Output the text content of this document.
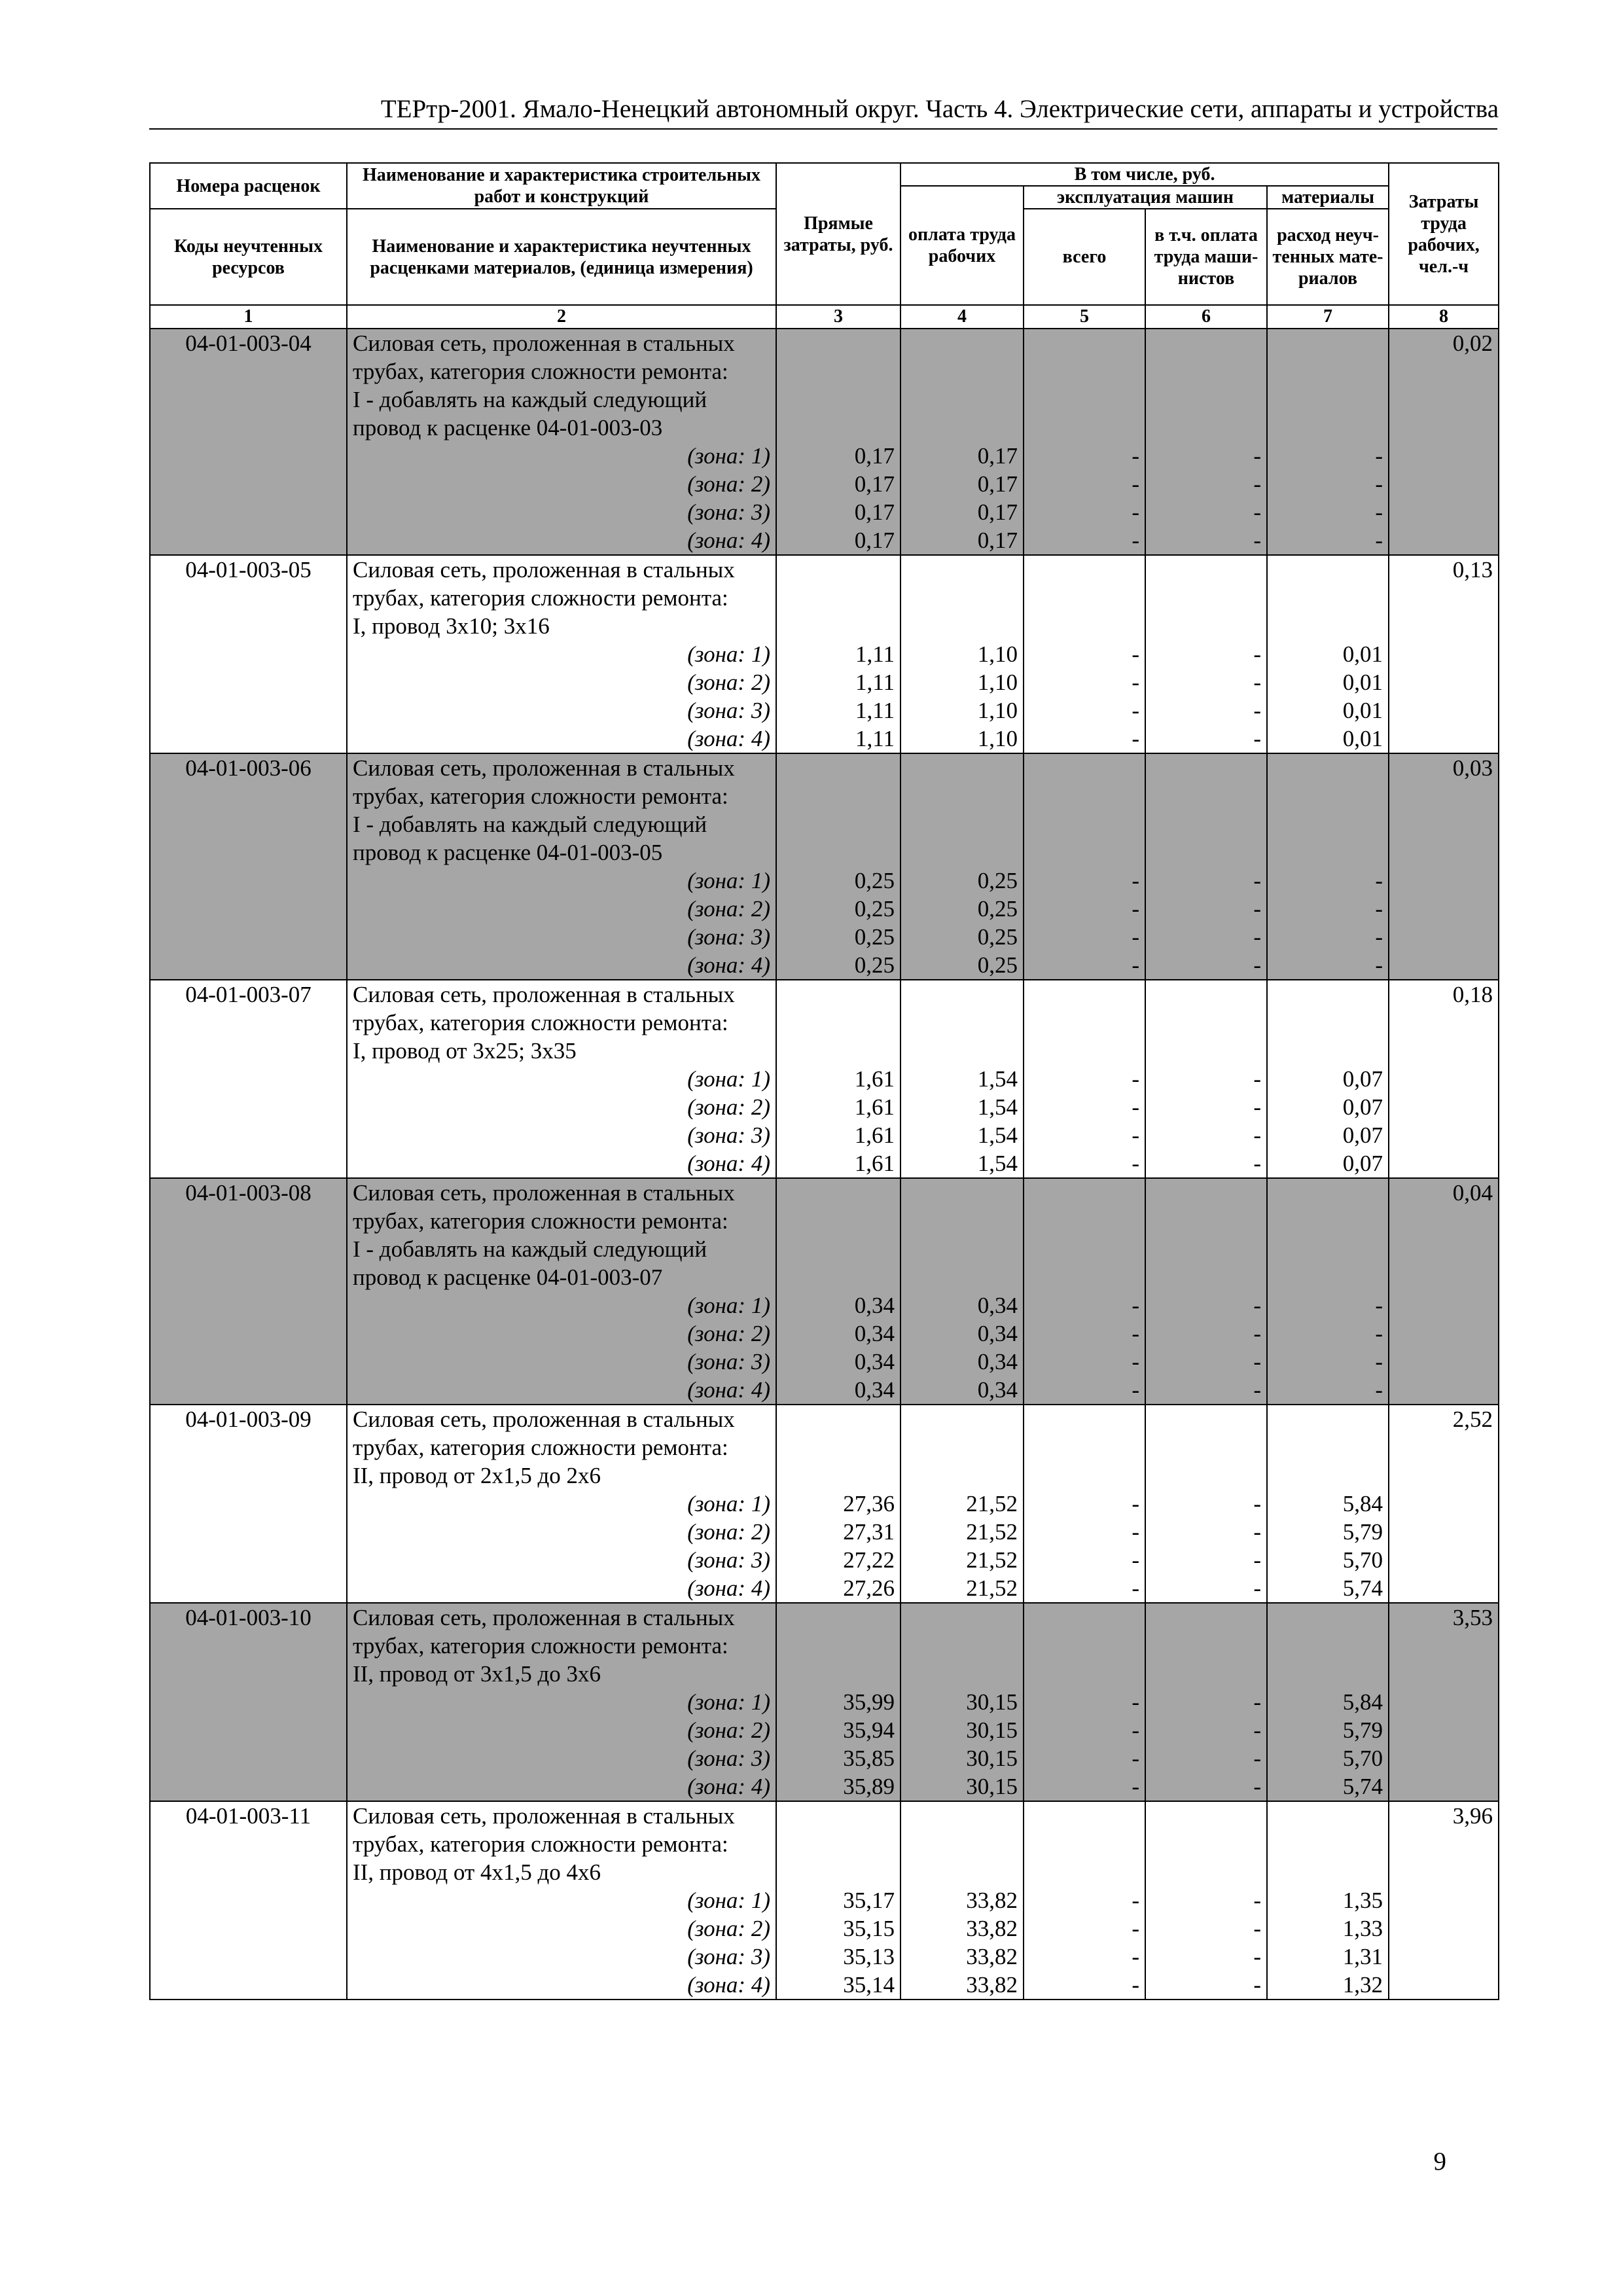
ТЕРтр-2001. Ямало-Ненецкий автономный округ. Часть 4. Электрические сети, аппараты и устройства
Номера расценок	Наименование и характеристика строительных работ и конструкций	Прямые затраты, руб.	В том числе, руб.				Затраты труда рабочих, чел.-ч
			оплата труда рабочих	эксплуатация машин		материалы	
Коды неучтенных ресурсов	Наименование и характеристика неучтенных расценками материалов, (единица измерения)			всего	в т.ч. оплата труда маши- нистов	расход неуч- тенных мате- риалов	

1	2	3	4	5	6	7	8
04-01-003-04	Силовая сеть, проложенная в стальных						0,02
	трубах, категория сложности ремонта:						
	I - добавлять на каждый следующий						
	провод к расценке 04-01-003-03						
	(зона: 1)	0,17	0,17	-	-	-	
	(зона: 2)	0,17	0,17	-	-	-	
	(зона: 3)	0,17	0,17	-	-	-	
	(зона: 4)	0,17	0,17	-	-	-	
04-01-003-05	Силовая сеть, проложенная в стальных						0,13
	трубах, категория сложности ремонта:						
	I, провод 3х10; 3х16						
	(зона: 1)	1,11	1,10	-	-	0,01	
	(зона: 2)	1,11	1,10	-	-	0,01	
	(зона: 3)	1,11	1,10	-	-	0,01	
	(зона: 4)	1,11	1,10	-	-	0,01	
04-01-003-06	Силовая сеть, проложенная в стальных						0,03
	трубах, категория сложности ремонта:						
	I - добавлять на каждый следующий						
	провод к расценке 04-01-003-05						
	(зона: 1)	0,25	0,25	-	-	-	
	(зона: 2)	0,25	0,25	-	-	-	
	(зона: 3)	0,25	0,25	-	-	-	
	(зона: 4)	0,25	0,25	-	-	-	
04-01-003-07	Силовая сеть, проложенная в стальных						0,18
	трубах, категория сложности ремонта:						
	I, провод от 3х25; 3х35						
	(зона: 1)	1,61	1,54	-	-	0,07	
	(зона: 2)	1,61	1,54	-	-	0,07	
	(зона: 3)	1,61	1,54	-	-	0,07	
	(зона: 4)	1,61	1,54	-	-	0,07	
04-01-003-08	Силовая сеть, проложенная в стальных						0,04
	трубах, категория сложности ремонта:						
	I - добавлять на каждый следующий						
	провод к расценке 04-01-003-07						
	(зона: 1)	0,34	0,34	-	-	-	
	(зона: 2)	0,34	0,34	-	-	-	
	(зона: 3)	0,34	0,34	-	-	-	
	(зона: 4)	0,34	0,34	-	-	-	
04-01-003-09	Силовая сеть, проложенная в стальных						2,52
	трубах, категория сложности ремонта:						
	II, провод от 2х1,5 до 2х6						
	(зона: 1)	27,36	21,52	-	-	5,84	
	(зона: 2)	27,31	21,52	-	-	5,79	
	(зона: 3)	27,22	21,52	-	-	5,70	
	(зона: 4)	27,26	21,52	-	-	5,74	
04-01-003-10	Силовая сеть, проложенная в стальных						3,53
	трубах, категория сложности ремонта:						
	II, провод от 3х1,5 до 3х6						
	(зона: 1)	35,99	30,15	-	-	5,84	
	(зона: 2)	35,94	30,15	-	-	5,79	
	(зона: 3)	35,85	30,15	-	-	5,70	
	(зона: 4)	35,89	30,15	-	-	5,74	
04-01-003-11	Силовая сеть, проложенная в стальных						3,96
	трубах, категория сложности ремонта:						
	II, провод от 4х1,5 до 4х6						
	(зона: 1)	35,17	33,82	-	-	1,35	
	(зона: 2)	35,15	33,82	-	-	1,33	
	(зона: 3)	35,13	33,82	-	-	1,31	
	(зона: 4)	35,14	33,82	-	-	1,32	
9
